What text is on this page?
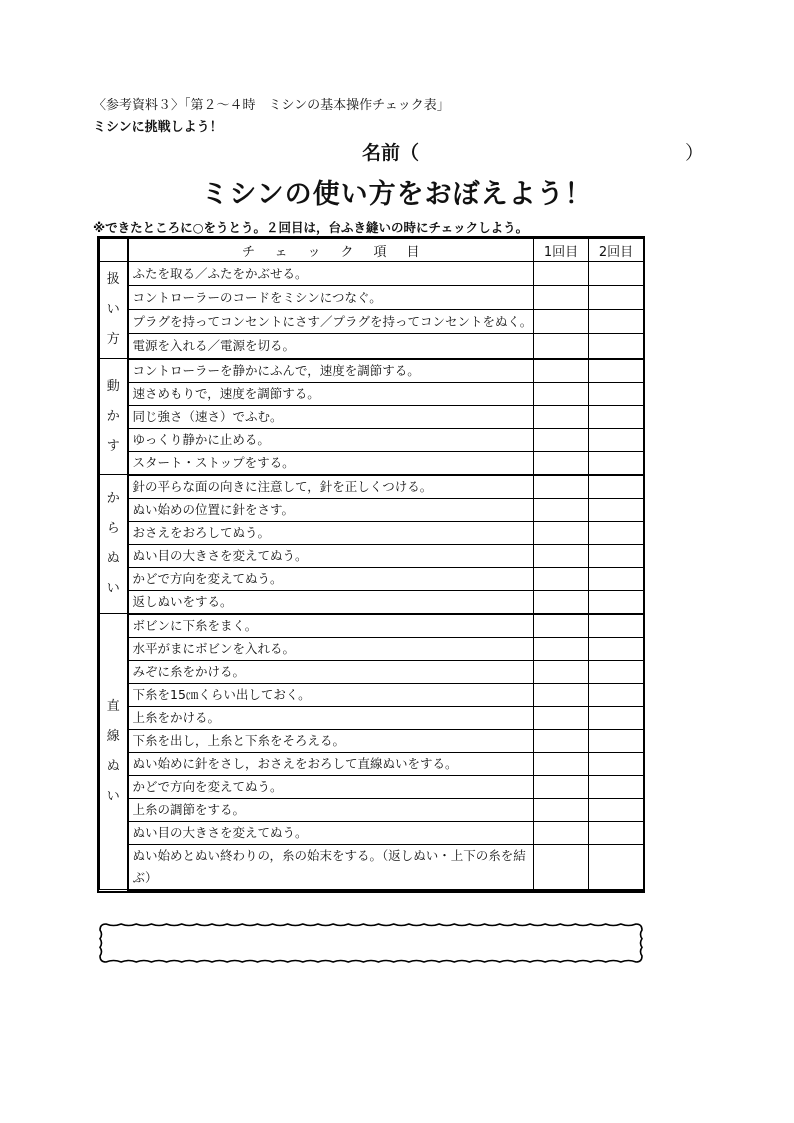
〈参考資料３〉「第２～４時　ミシンの基本操作チェック表」
ミシンに挑戦しよう！
名前（	）
ミシンの使い方をおぼえよう！
※できたところに○をうとう。２回目は，台ふき縫いの時にチェックしよう。
	チェック項目	1回目	2回目

扱
い
方	ふたを取る／ふたをかぶせる。		
	コントローラーのコードをミシンにつなぐ。		
	プラグを持ってコンセントにさす／プラグを持ってコンセントをぬく。		
	電源を入れる／電源を切る。		

動
か
す	コントローラーを静かにふんで，速度を調節する。		
	速さめもりで，速度を調節する。		
	同じ強さ（速さ）でふむ。		
	ゆっくり静かに止める。		
	スタート・ストップをする。		

か
ら
ぬ
い	針の平らな面の向きに注意して，針を正しくつける。		
	ぬい始めの位置に針をさす。		
	おさえをおろしてぬう。		
	ぬい目の大きさを変えてぬう。		
	かどで方向を変えてぬう。		
	返しぬいをする。		

直
線
ぬ
い	ボビンに下糸をまく。		
	水平がまにボビンを入れる。		
	みぞに糸をかける。		
	下糸を15㎝くらい出しておく。		
	上糸をかける。		
	下糸を出し，上糸と下糸をそろえる。		
	ぬい始めに針をさし，おさえをおろして直線ぬいをする。		
	かどで方向を変えてぬう。		
	上糸の調節をする。		
	ぬい目の大きさを変えてぬう。		
	ぬい始めとぬい終わりの，糸の始末をする。（返しぬい・上下の糸を結ぶ）		
